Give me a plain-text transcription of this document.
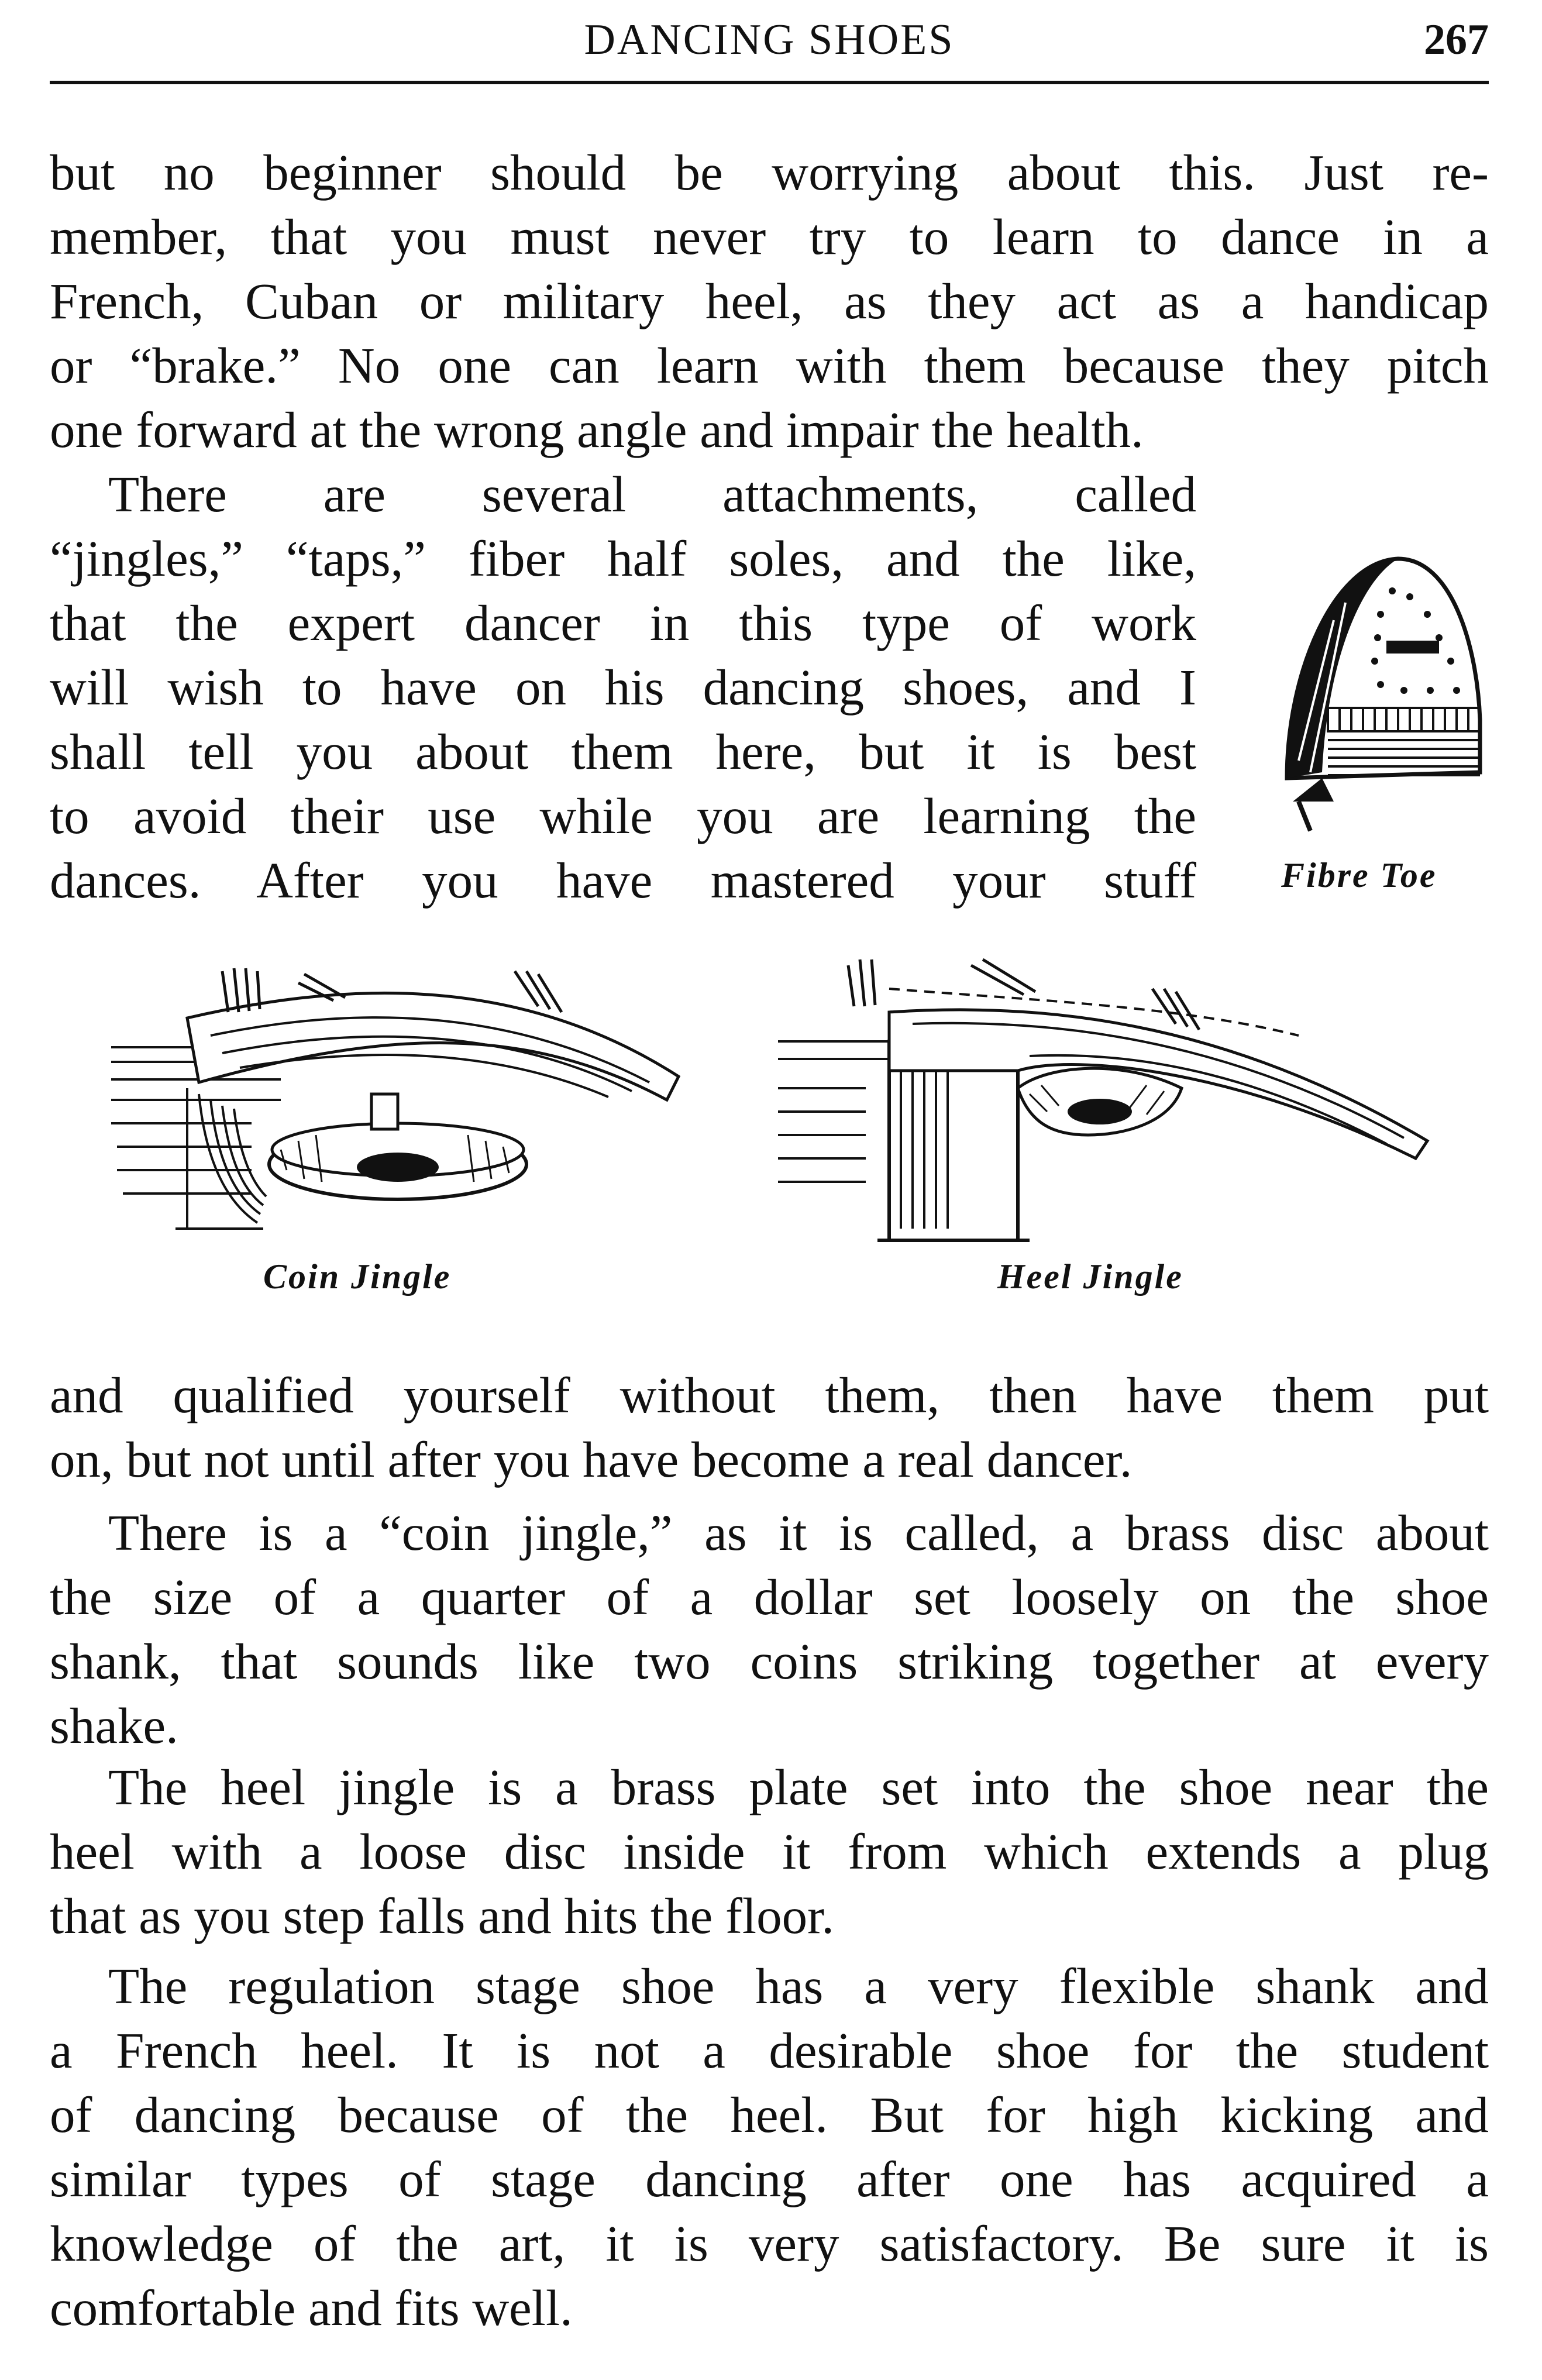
DANCING SHOES	267
but no beginner should be worrying about this. Just re-
member, that you must never try to learn to dance in a
French, Cuban or military heel, as they act as a handicap
or “brake.” No one can learn with them because they pitch
one forward at the wrong angle and impair the health.
There are several attachments, called
“jingles,” “taps,” fiber half soles, and the like,
that the expert dancer in this type of work
will wish to have on his dancing shoes, and I
shall tell you about them here, but it is best
to avoid their use while you are learning the
dances. After you have mastered your stuff Fibre Toe
Coin Jingle	Heel Jingle
and qualified yourself without them, then have them put
on, but not until after you have become a real dancer.
There is a “coin jingle,” as it is called, a brass disc about
the size of a quarter of a dollar set loosely on the shoe
shank, that sounds like two coins striking together at every
shake.
The heel jingle is a brass plate set into the shoe near the
heel with a loose disc inside it from which extends a plug
that as you step falls and hits the floor.
The regulation stage shoe has a very flexible shank and
a French heel. It is not a desirable shoe for the student
of dancing because of the heel. But for high kicking and
similar types of stage dancing after one has acquired a
knowledge of the art, it is very satisfactory. Be sure it is
comfortable and fits well.
